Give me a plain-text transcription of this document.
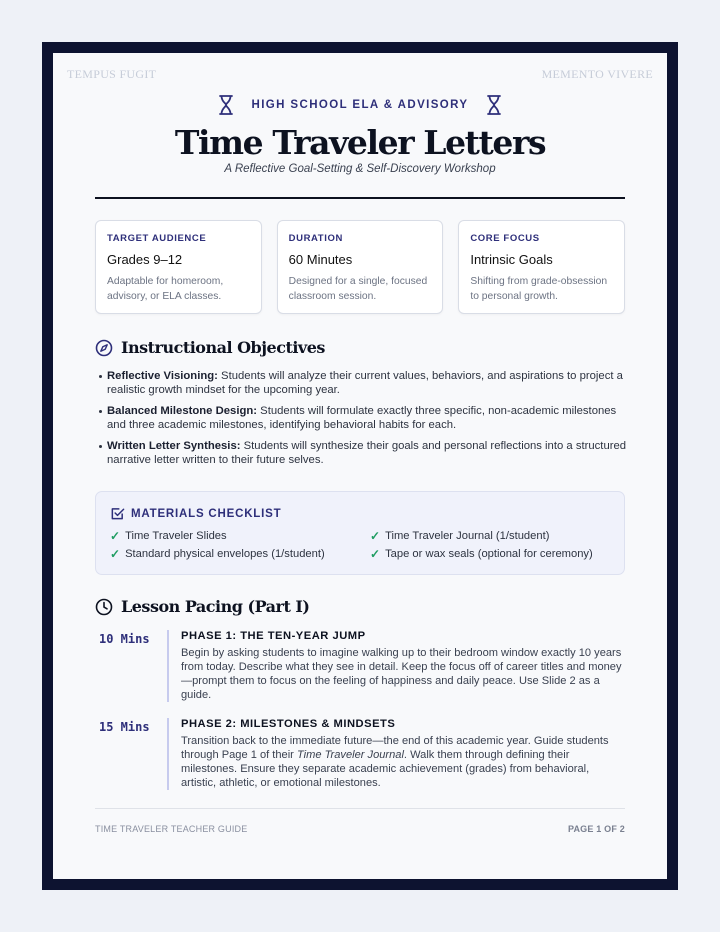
TEMPUS FUGIT	MEMENTO VIVERE
HIGH SCHOOL ELA & ADVISORY
Time Traveler Letters
A Reflective Goal-Setting & Self-Discovery Workshop
TARGET AUDIENCE
Grades 9–12
Adaptable for homeroom, advisory, or ELA classes.
DURATION
60 Minutes
Designed for a single, focused classroom session.
CORE FOCUS
Intrinsic Goals
Shifting from grade-obsession to personal growth.
Instructional Objectives
Reflective Visioning: Students will analyze their current values, behaviors, and aspirations to project a realistic growth mindset for the upcoming year.
Balanced Milestone Design: Students will formulate exactly three specific, non-academic milestones and three academic milestones, identifying behavioral habits for each.
Written Letter Synthesis: Students will synthesize their goals and personal reflections into a structured narrative letter written to their future selves.
MATERIALS CHECKLIST
✓ Time Traveler Slides	✓ Time Traveler Journal (1/student)
✓ Standard physical envelopes (1/student)	✓ Tape or wax seals (optional for ceremony)
Lesson Pacing (Part I)
10 Mins	PHASE 1: THE TEN-YEAR JUMP
Begin by asking students to imagine walking up to their bedroom window exactly 10 years from today. Describe what they see in detail. Keep the focus off of career titles and money—prompt them to focus on the feeling of happiness and daily peace. Use Slide 2 as a guide.
15 Mins	PHASE 2: MILESTONES & MINDSETS
Transition back to the immediate future—the end of this academic year. Guide students through Page 1 of their Time Traveler Journal. Walk them through defining their milestones. Ensure they separate academic achievement (grades) from behavioral, artistic, athletic, or emotional milestones.
TIME TRAVELER TEACHER GUIDE	PAGE 1 OF 2
